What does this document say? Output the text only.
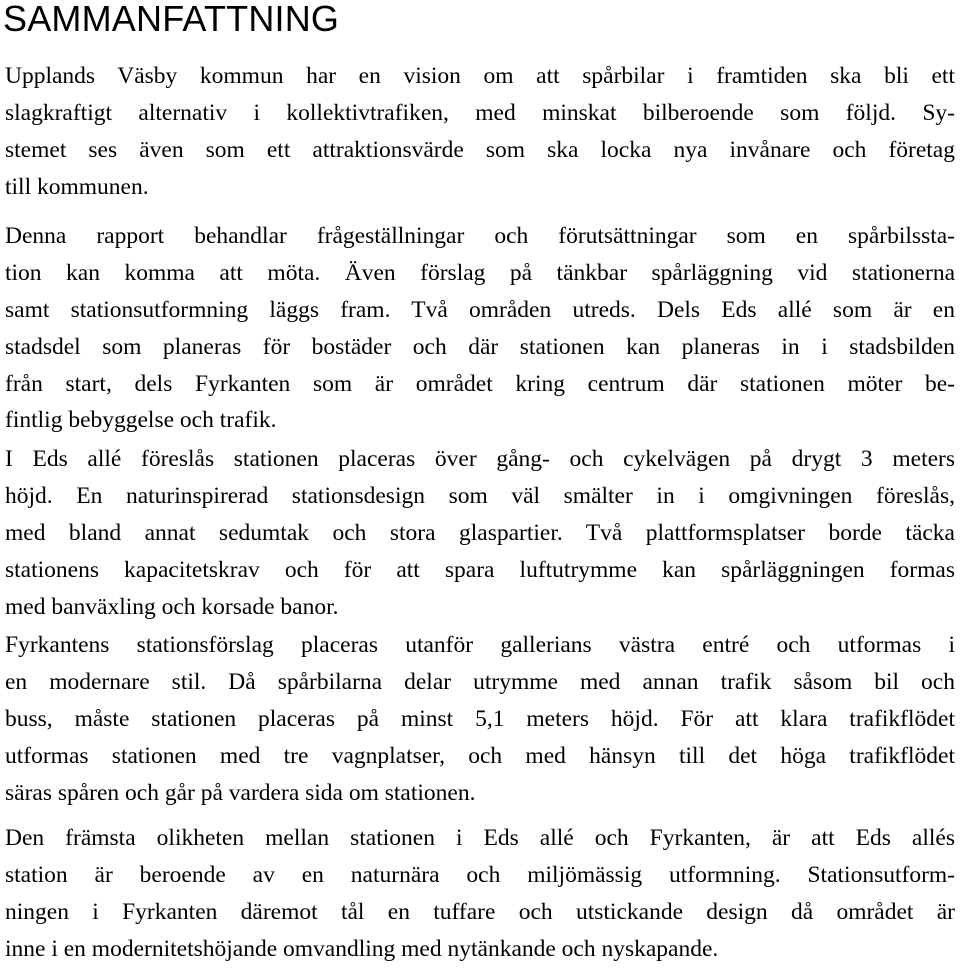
SAMMANFATTNING
Upplands Väsby kommun har en vision om att spårbilar i framtiden ska bli ett
slagkraftigt alternativ i kollektivtrafiken, med minskat bilberoende som följd. Sy-
stemet ses även som ett attraktionsvärde som ska locka nya invånare och företag
till kommunen.
Denna rapport behandlar frågeställningar och förutsättningar som en spårbilssta-
tion kan komma att möta. Även förslag på tänkbar spårläggning vid stationerna
samt stationsutformning läggs fram. Två områden utreds. Dels Eds allé som är en
stadsdel som planeras för bostäder och där stationen kan planeras in i stadsbilden
från start, dels Fyrkanten som är området kring centrum där stationen möter be-
fintlig bebyggelse och trafik.
I Eds allé föreslås stationen placeras över gång- och cykelvägen på drygt 3 meters
höjd. En naturinspirerad stationsdesign som väl smälter in i omgivningen föreslås,
med bland annat sedumtak och stora glaspartier. Två plattformsplatser borde täcka
stationens kapacitetskrav och för att spara luftutrymme kan spårläggningen formas
med banväxling och korsade banor.
Fyrkantens stationsförslag placeras utanför gallerians västra entré och utformas i
en modernare stil. Då spårbilarna delar utrymme med annan trafik såsom bil och
buss, måste stationen placeras på minst 5,1 meters höjd. För att klara trafikflödet
utformas stationen med tre vagnplatser, och med hänsyn till det höga trafikflödet
säras spåren och går på vardera sida om stationen.
Den främsta olikheten mellan stationen i Eds allé och Fyrkanten, är att Eds allés
station är beroende av en naturnära och miljömässig utformning. Stationsutform-
ningen i Fyrkanten däremot tål en tuffare och utstickande design då området är
inne i en modernitetshöjande omvandling med nytänkande och nyskapande.
